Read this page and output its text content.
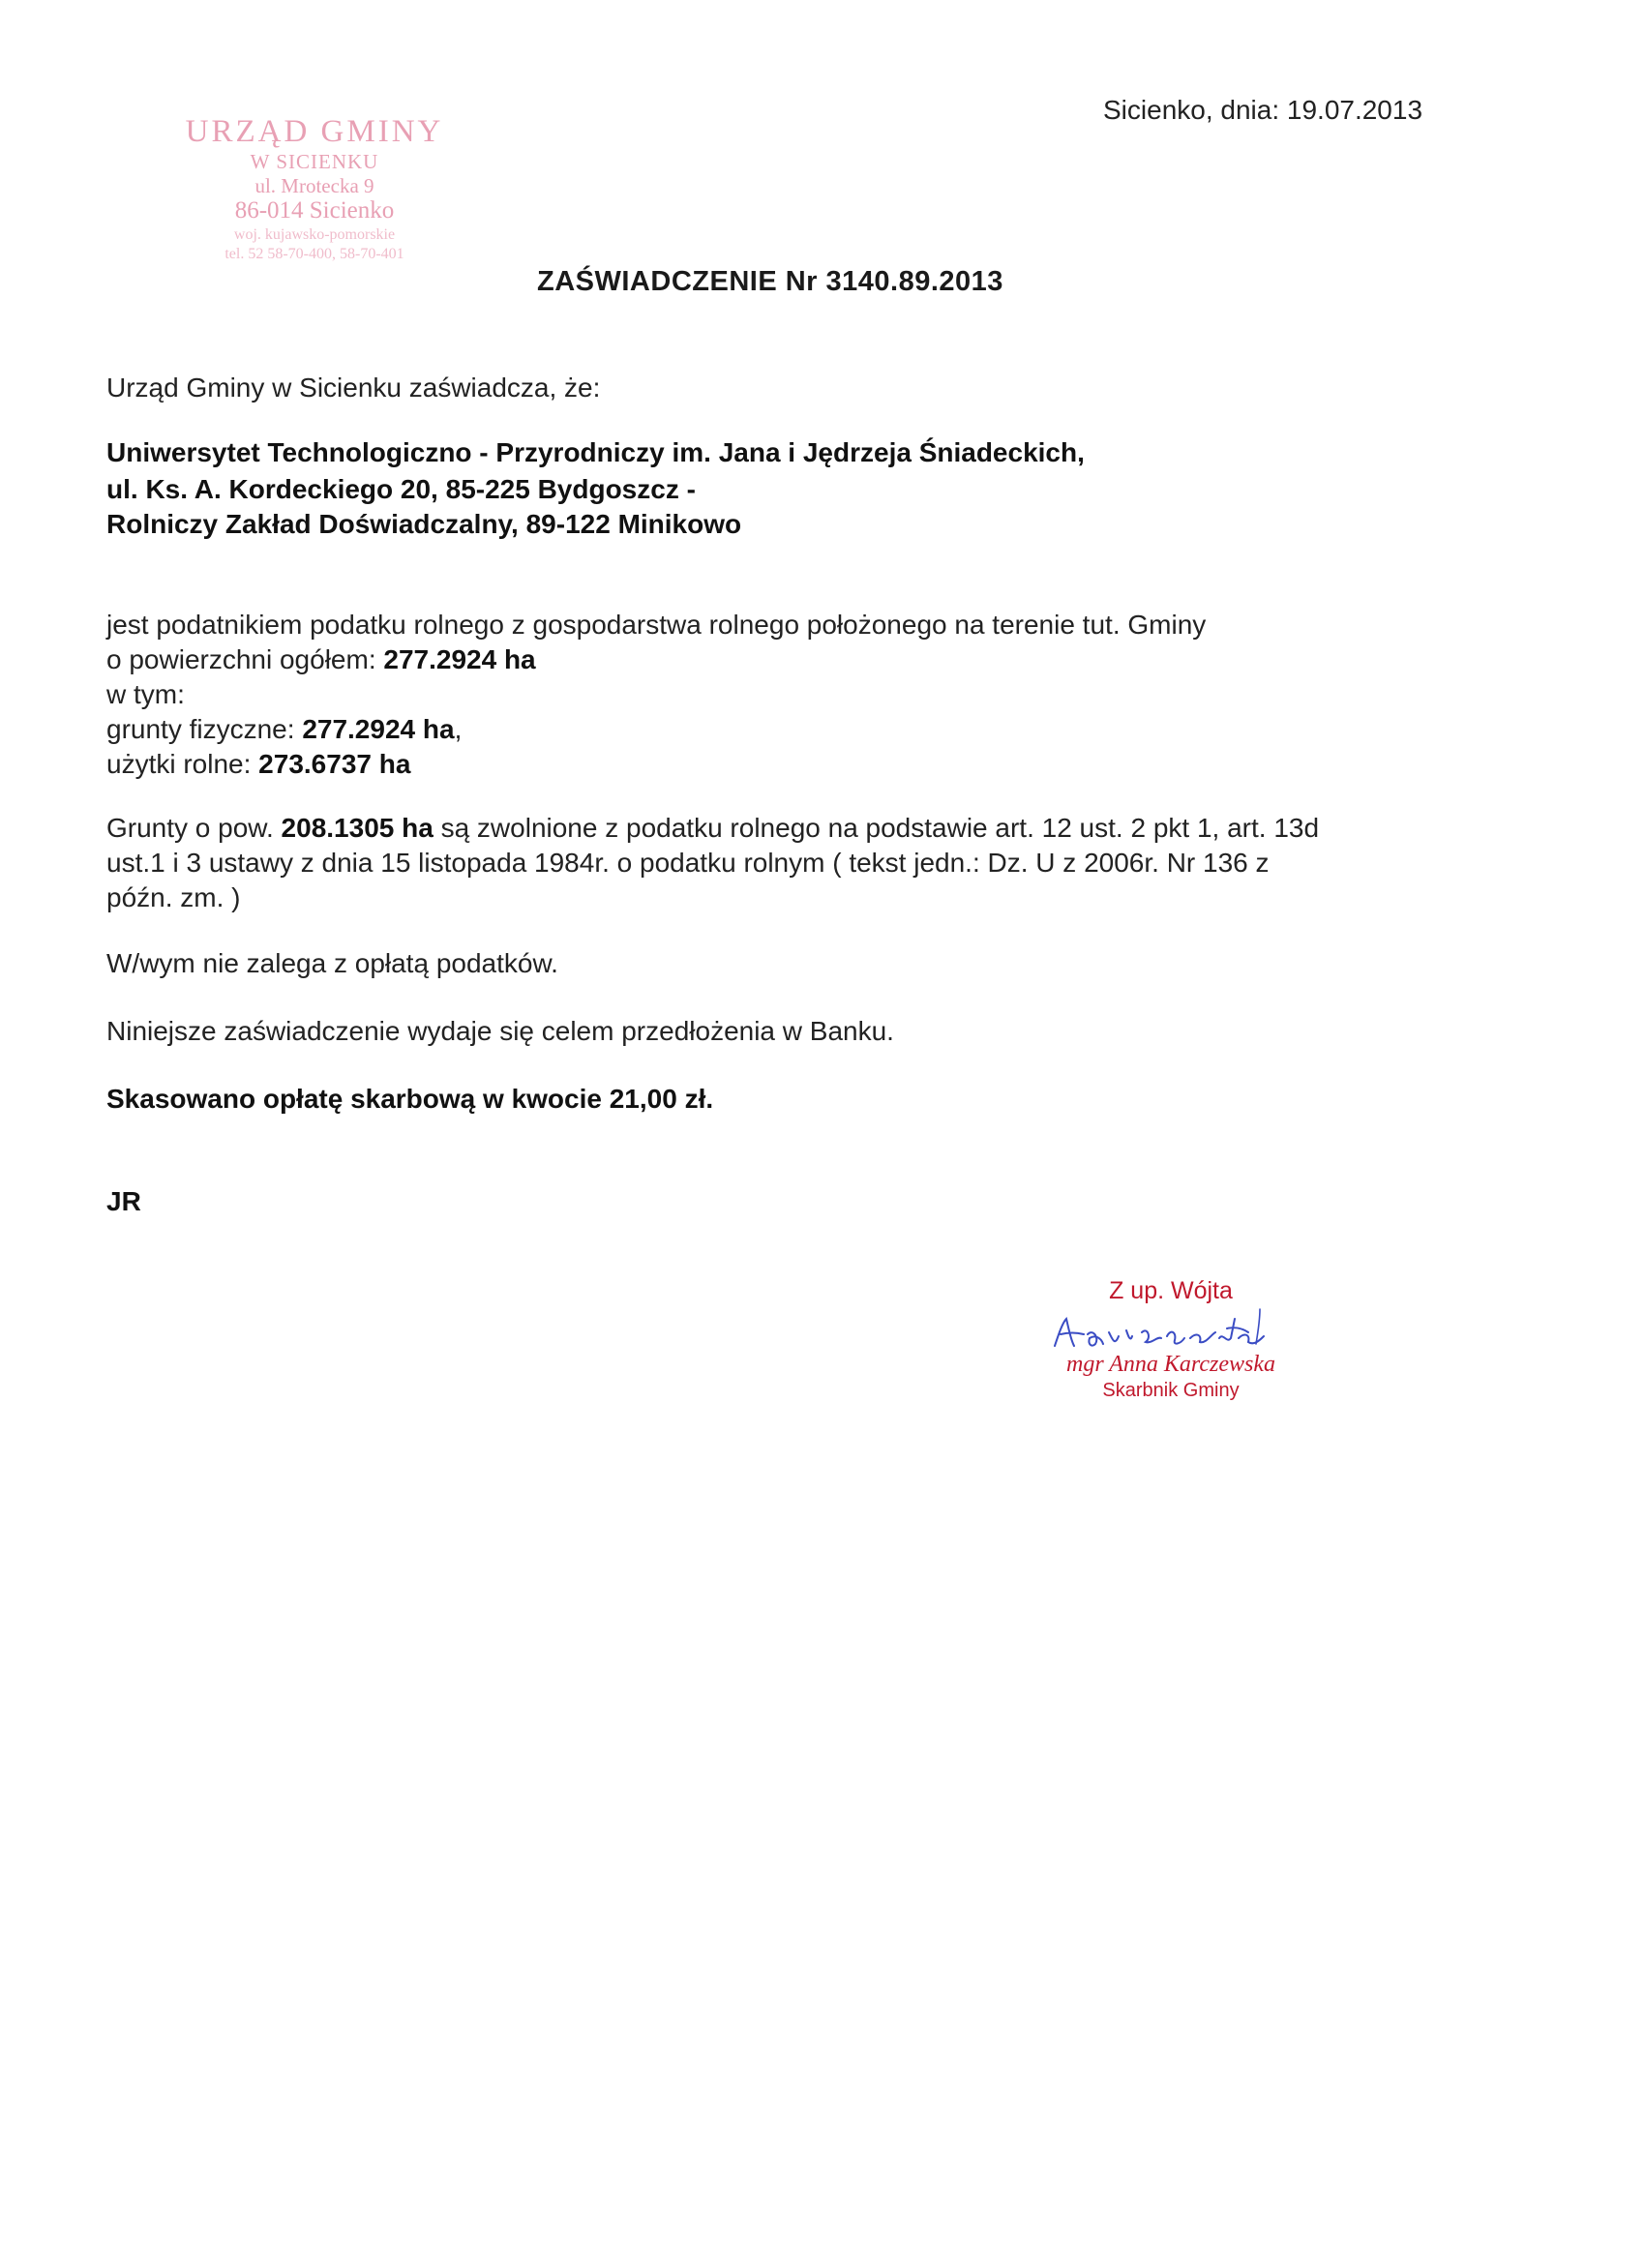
URZĄD GMINY
W SICIENKU
ul. Mrotecka 9
86-014 Sicienko
woj. kujawsko-pomorskie
tel. 52 58-70-400, 58-70-401
Sicienko, dnia: 19.07.2013
ZAŚWIADCZENIE Nr 3140.89.2013
Urząd Gminy w Sicienku zaświadcza, że:
Uniwersytet Technologiczno - Przyrodniczy im. Jana i Jędrzeja Śniadeckich,
ul. Ks. A. Kordeckiego 20, 85-225 Bydgoszcz -
Rolniczy Zakład Doświadczalny, 89-122 Minikowo
jest podatnikiem podatku rolnego z gospodarstwa rolnego położonego na terenie tut. Gminy
o powierzchni ogółem: 277.2924 ha
w tym:
grunty fizyczne: 277.2924 ha,
użytki rolne: 273.6737 ha
Grunty o pow. 208.1305 ha są zwolnione z podatku rolnego na podstawie art. 12 ust. 2 pkt 1, art. 13d
ust.1 i 3 ustawy z dnia 15 listopada 1984r. o podatku rolnym ( tekst jedn.: Dz. U z 2006r. Nr 136 z
późn. zm. )
W/wym nie zalega z opłatą podatków.
Niniejsze zaświadczenie wydaje się celem przedłożenia w Banku.
Skasowano opłatę skarbową w kwocie 21,00 zł.
JR
Z up. Wójta
mgr Anna Karczewska
Skarbnik Gminy
